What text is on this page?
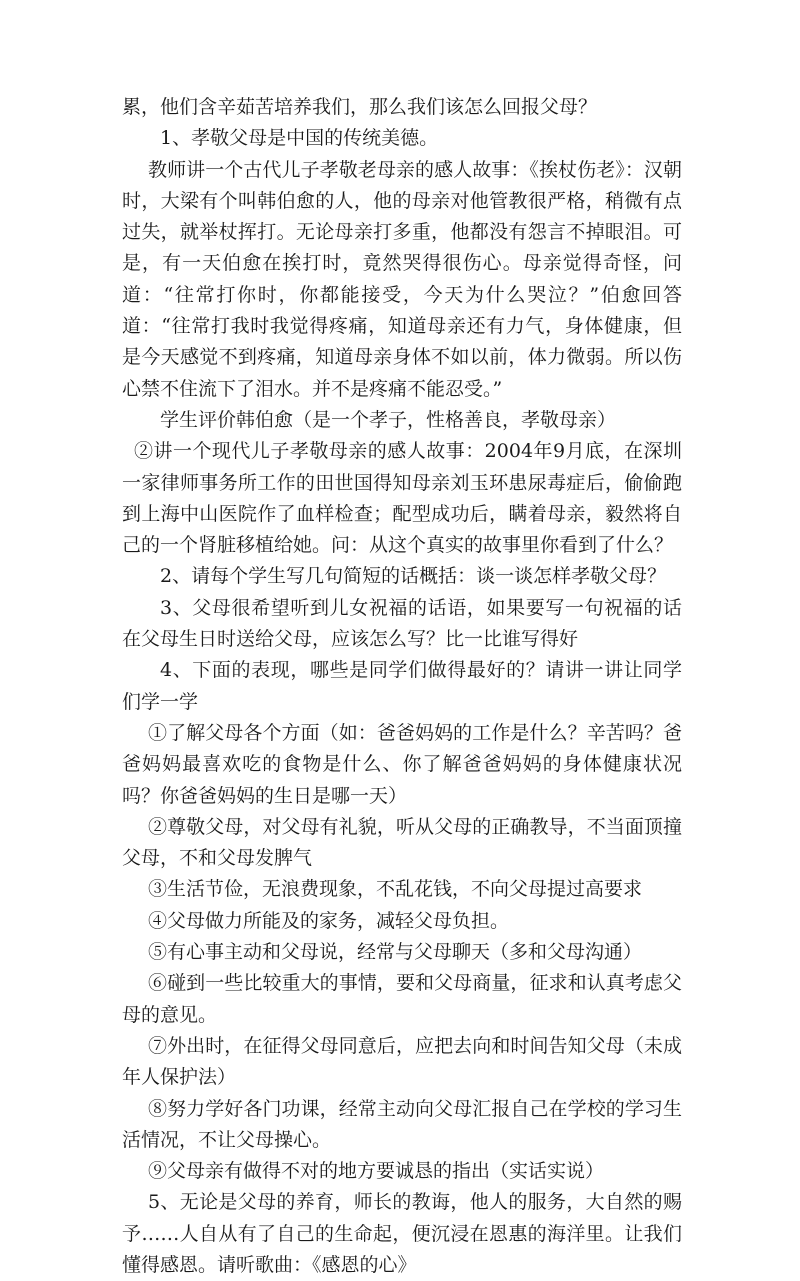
累，他们含辛茹苦培养我们，那么我们该怎么回报父母？

1、孝敬父母是中国的传统美德。

教师讲一个古代儿子孝敬老母亲的感人故事：《挨杖伤老》：汉朝时，大梁有个叫韩伯愈的人，他的母亲对他管教很严格，稍微有点过失，就举杖挥打。无论母亲打多重，他都没有怨言不掉眼泪。可是，有一天伯愈在挨打时，竟然哭得很伤心。母亲觉得奇怪，问道：“往常打你时，你都能接受，今天为什么哭泣？”伯愈回答道：“往常打我时我觉得疼痛，知道母亲还有力气，身体健康，但是今天感觉不到疼痛，知道母亲身体不如以前，体力微弱。所以伤心禁不住流下了泪水。并不是疼痛不能忍受。”

学生评价韩伯愈（是一个孝子，性格善良，孝敬母亲）

②讲一个现代儿子孝敬母亲的感人故事：2004年9月底，在深圳一家律师事务所工作的田世国得知母亲刘玉环患尿毒症后，偷偷跑到上海中山医院作了血样检查；配型成功后，瞒着母亲，毅然将自己的一个肾脏移植给她。问：从这个真实的故事里你看到了什么？

2、请每个学生写几句简短的话概括：谈一谈怎样孝敬父母？

3、父母很希望听到儿女祝福的话语，如果要写一句祝福的话在父母生日时送给父母，应该怎么写？比一比谁写得好

4、下面的表现，哪些是同学们做得最好的？请讲一讲让同学们学一学

①了解父母各个方面（如：爸爸妈妈的工作是什么？辛苦吗？爸爸妈妈最喜欢吃的食物是什么、你了解爸爸妈妈的身体健康状况吗？你爸爸妈妈的生日是哪一天）

②尊敬父母，对父母有礼貌，听从父母的正确教导，不当面顶撞父母，不和父母发脾气

③生活节俭，无浪费现象，不乱花钱，不向父母提过高要求

④父母做力所能及的家务，减轻父母负担。

⑤有心事主动和父母说，经常与父母聊天（多和父母沟通）

⑥碰到一些比较重大的事情，要和父母商量，征求和认真考虑父母的意见。

⑦外出时，在征得父母同意后，应把去向和时间告知父母（未成年人保护法）

⑧努力学好各门功课，经常主动向父母汇报自己在学校的学习生活情况，不让父母操心。

⑨父母亲有做得不对的地方要诚恳的指出（实话实说）

5、无论是父母的养育，师长的教诲，他人的服务，大自然的赐予……人自从有了自己的生命起，便沉浸在恩惠的海洋里。让我们懂得感恩。请听歌曲：《感恩的心》
